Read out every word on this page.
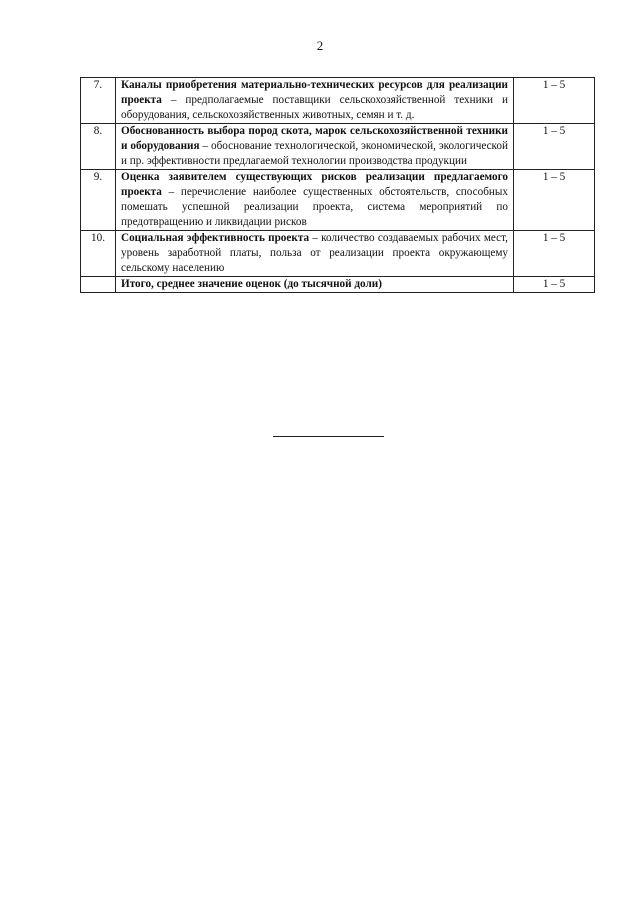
2
7.	Каналы приобретения материально-технических ресурсов для реализации проекта – предполагаемые поставщики сельскохозяйственной техники и оборудования, сельскохозяйственных животных, семян и т. д.	1 – 5
8.	Обоснованность выбора пород скота, марок сельскохозяйственной техники и оборудования – обоснование технологической, экономической, экологической и пр. эффективности предлагаемой технологии производства продукции	1 – 5
9.	Оценка заявителем существующих рисков реализации предлагаемого проекта – перечисление наиболее существенных обстоятельств, способных помешать успешной реализации проекта, система мероприятий по предотвращению и ликвидации рисков	1 – 5
10.	Социальная эффективность проекта – количество создаваемых рабочих мест, уровень заработной платы, польза от реализации проекта окружающему сельскому населению	1 – 5
	Итого, среднее значение оценок (до тысячной доли)	1 – 5
